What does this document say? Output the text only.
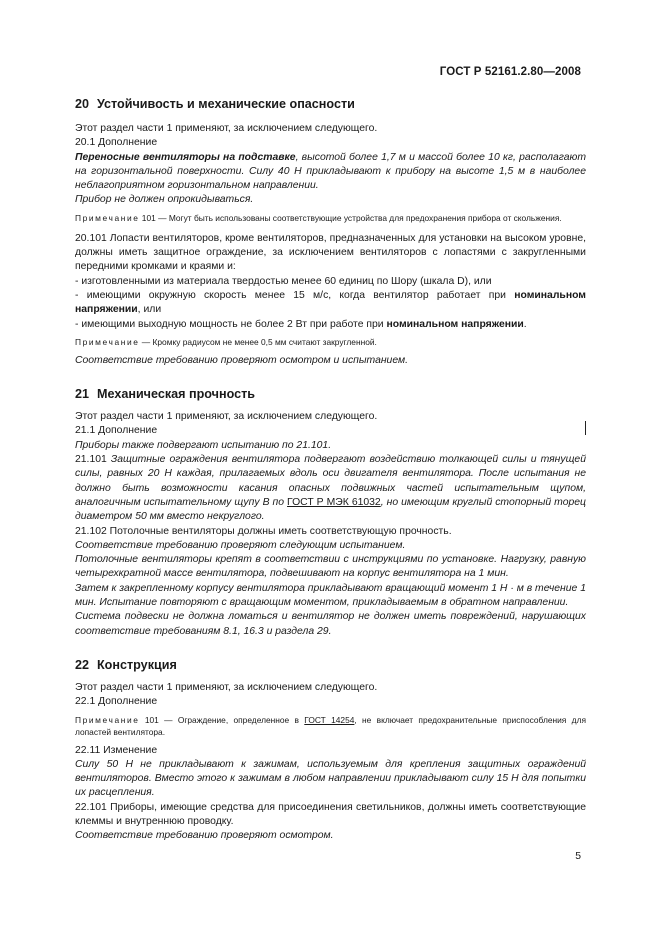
ГОСТ Р 52161.2.80—2008
20 Устойчивость и механические опасности

Этот раздел части 1 применяют, за исключением следующего.

20.1 Дополнение

Переносные вентиляторы на подставке, высотой более 1,7 м и массой более 10 кг, располагают на горизонтальной поверхности. Силу 40 Н прикладывают к прибору на высоте 1,5 м в наиболее неблагоприятном горизонтальном направлении.

Прибор не должен опрокидываться.

Примечание 101 — Могут быть использованы соответствующие устройства для предохранения прибора от скольжения.

20.101 Лопасти вентиляторов, кроме вентиляторов, предназначенных для установки на высоком уровне, должны иметь защитное ограждение, за исключением вентиляторов с лопастями с закругленными передними кромками и краями и:

- изготовленными из материала твердостью менее 60 единиц по Шору (шкала D), или

- имеющими окружную скорость менее 15 м/с, когда вентилятор работает при номинальном напряжении, или

- имеющими выходную мощность не более 2 Вт при работе при номинальном напряжении.

Примечание — Кромку радиусом не менее 0,5 мм считают закругленной.

Соответствие требованию проверяют осмотром и испытанием.

21 Механическая прочность

Этот раздел части 1 применяют, за исключением следующего.

21.1 Дополнение

Приборы также подвергают испытанию по 21.101.

21.101 Защитные ограждения вентилятора подвергают воздействию толкающей силы и тянущей силы, равных 20 Н каждая, прилагаемых вдоль оси двигателя вентилятора. После испытания не должно быть возможности касания опасных подвижных частей испытательным щупом, аналогичным испытательному щупу В по ГОСТ Р МЭК 61032, но имеющим круглый стопорный торец диаметром 50 мм вместо некруглого.

21.102 Потолочные вентиляторы должны иметь соответствующую прочность.

Соответствие требованию проверяют следующим испытанием.

Потолочные вентиляторы крепят в соответствии с инструкциями по установке. Нагрузку, равную четырехкратной массе вентилятора, подвешивают на корпус вентилятора на 1 мин.

Затем к закрепленному корпусу вентилятора прикладывают вращающий момент 1 Н · м в течение 1 мин. Испытание повторяют с вращающим моментом, прикладываемым в обратном направлении.

Система подвески не должна ломаться и вентилятор не должен иметь повреждений, нарушающих соответствие требованиям 8.1, 16.3 и раздела 29.

22 Конструкция

Этот раздел части 1 применяют, за исключением следующего.

22.1 Дополнение

Примечание 101 — Ограждение, определенное в ГОСТ 14254, не включает предохранительные приспособления для лопастей вентилятора.

22.11 Изменение

Силу 50 Н не прикладывают к зажимам, используемым для крепления защитных ограждений вентиляторов. Вместо этого к зажимам в любом направлении прикладывают силу 15 Н для попытки их расцепления.

22.101 Приборы, имеющие средства для присоединения светильников, должны иметь соответствующие клеммы и внутреннюю проводку.

Соответствие требованию проверяют осмотром.

5
